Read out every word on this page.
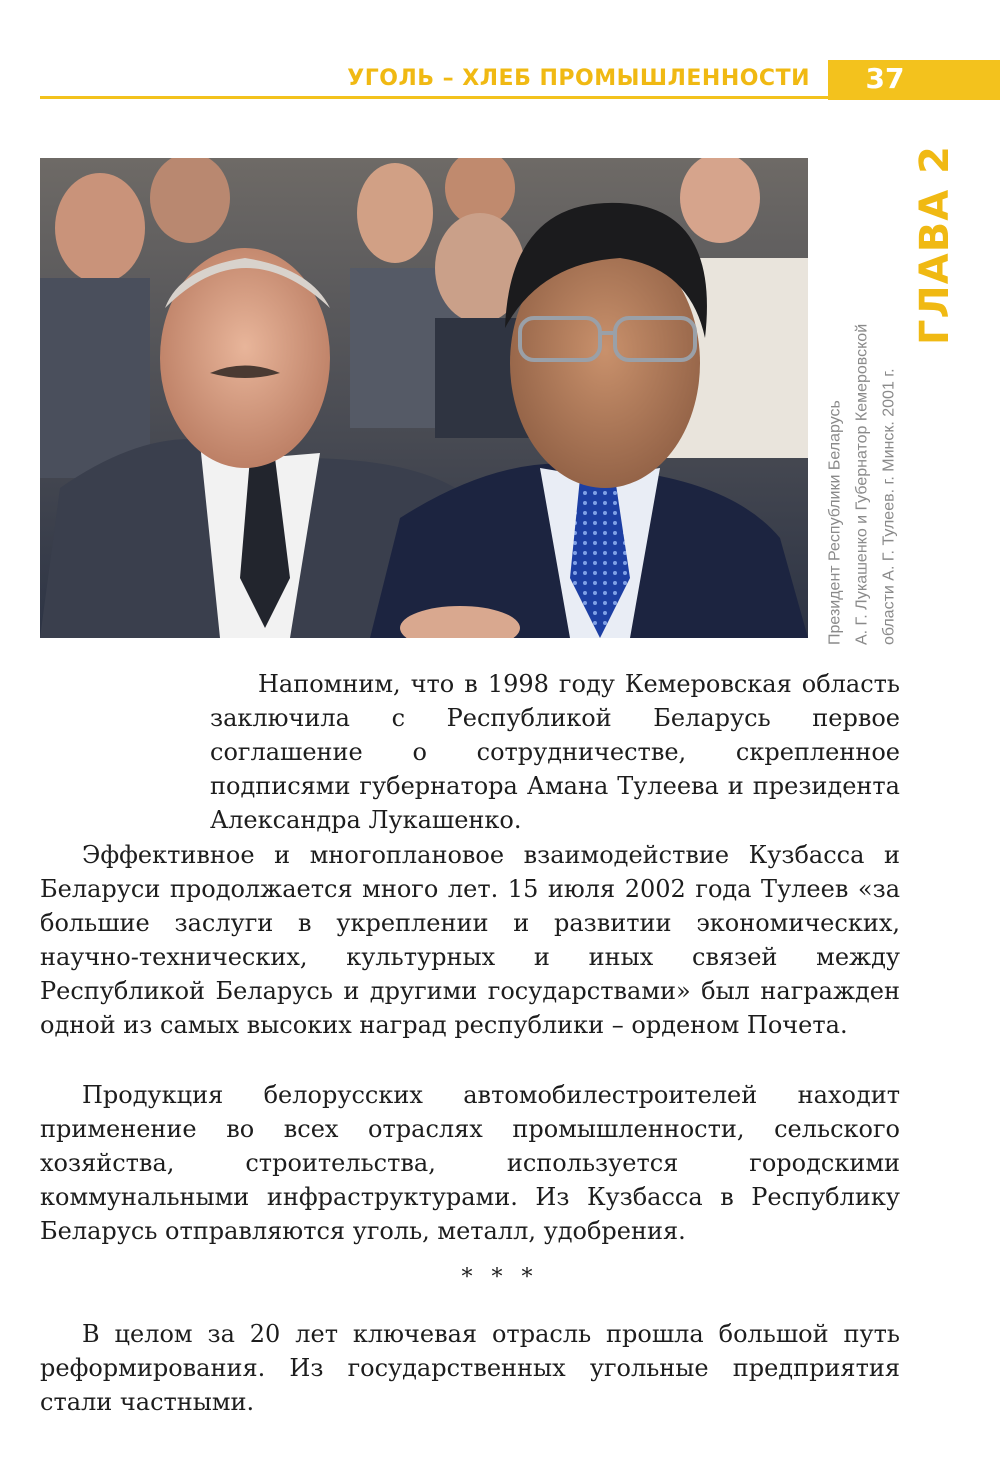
УГОЛЬ – ХЛЕБ ПРОМЫШЛЕННОСТИ	37
ГЛАВА 2
Президент Республики Беларусь А. Г. Лукашенко и Губернатор Кемеровской области А. Г. Тулеев. г. Минск. 2001 г.

Напомним, что в 1998 году Кемеровская область заключила с Республикой Беларусь первое соглашение о сотрудничестве, скрепленное подписями губернатора Амана Тулеева и президента Александра Лукашенко.

Эффективное и многоплановое взаимодействие Кузбасса и Беларуси продолжается много лет. 15 июля 2002 года Тулеев «за большие заслуги в укреплении и развитии экономических, научно-технических, культурных и иных связей между Республикой Беларусь и другими государствами» был награжден одной из самых высоких наград республики – орденом Почета.

Продукция белорусских автомобилестроителей находит применение во всех отраслях промышленности, сельского хозяйства, строительства, используется городскими коммунальными инфраструктурами. Из Кузбасса в Республику Беларусь отправляются уголь, металл, удобрения.

* * *

В целом за 20 лет ключевая отрасль прошла большой путь реформирования. Из государственных угольные предприятия стали частными.
